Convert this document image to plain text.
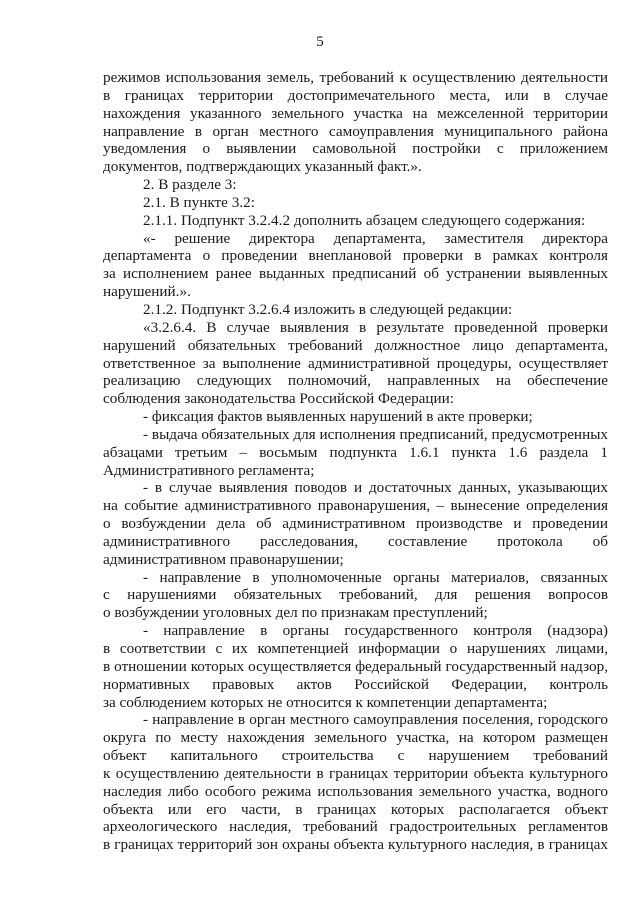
5
режимов использования земель, требований к осуществлению деятельности
в границах территории достопримечательного места, или в случае
нахождения указанного земельного участка на межселенной территории
направление в орган местного самоуправления муниципального района
уведомления о выявлении самовольной постройки с приложением
документов, подтверждающих указанный факт.».
2. В разделе 3:
2.1. В пункте 3.2:
2.1.1. Подпункт 3.2.4.2 дополнить абзацем следующего содержания:
«- решение директора департамента, заместителя директора
департамента о проведении внеплановой проверки в рамках контроля
за исполнением ранее выданных предписаний об устранении выявленных
нарушений.».
2.1.2. Подпункт 3.2.6.4 изложить в следующей редакции:
«3.2.6.4. В случае выявления в результате проведенной проверки
нарушений обязательных требований должностное лицо департамента,
ответственное за выполнение административной процедуры, осуществляет
реализацию следующих полномочий, направленных на обеспечение
соблюдения законодательства Российской Федерации:
- фиксация фактов выявленных нарушений в акте проверки;
- выдача обязательных для исполнения предписаний, предусмотренных
абзацами третьим – восьмым подпункта 1.6.1 пункта 1.6 раздела 1
Административного регламента;
- в случае выявления поводов и достаточных данных, указывающих
на событие административного правонарушения, – вынесение определения
о возбуждении дела об административном производстве и проведении
административного расследования, составление протокола об
административном правонарушении;
- направление в уполномоченные органы материалов, связанных
с нарушениями обязательных требований, для решения вопросов
о возбуждении уголовных дел по признакам преступлений;
- направление в органы государственного контроля (надзора)
в соответствии с их компетенцией информации о нарушениях лицами,
в отношении которых осуществляется федеральный государственный надзор,
нормативных правовых актов Российской Федерации, контроль
за соблюдением которых не относится к компетенции департамента;
- направление в орган местного самоуправления поселения, городского
округа по месту нахождения земельного участка, на котором размещен
объект капитального строительства с нарушением требований
к осуществлению деятельности в границах территории объекта культурного
наследия либо особого режима использования земельного участка, водного
объекта или его части, в границах которых располагается объект
археологического наследия, требований градостроительных регламентов
в границах территорий зон охраны объекта культурного наследия, в границах
